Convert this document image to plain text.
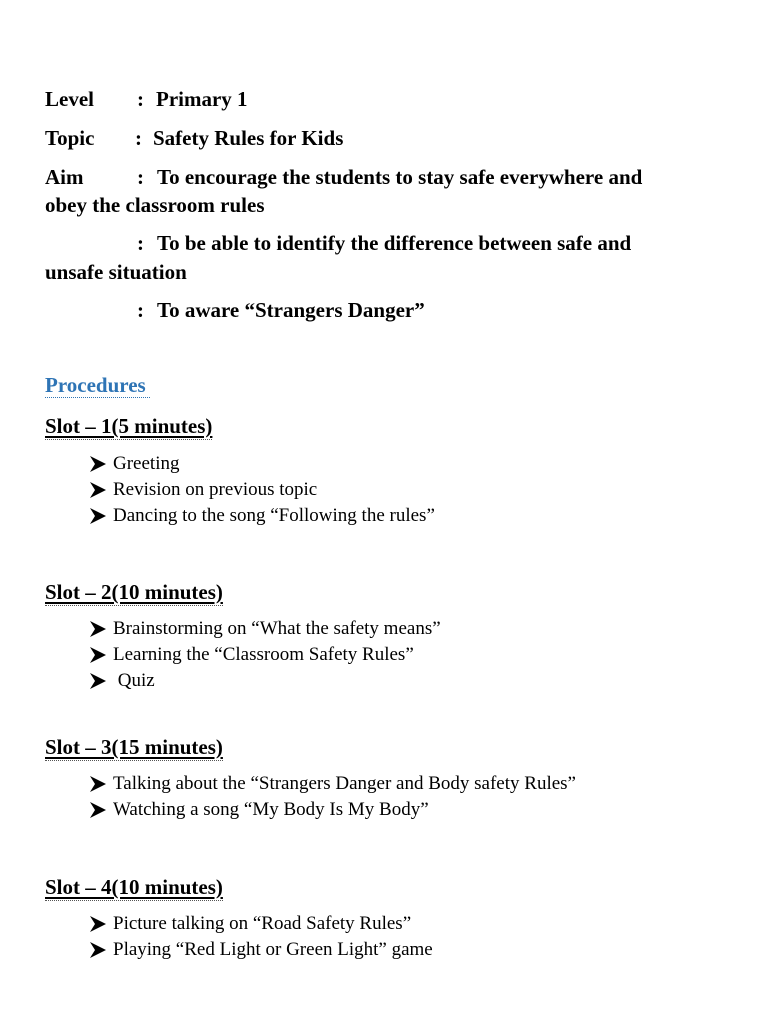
Level : Primary 1
Topic : Safety Rules for Kids
Aim	: To encourage the students to stay safe everywhere and
obey the classroom rules
: To be able to identify the difference between safe and
unsafe situation
: To aware “Strangers Danger”
Procedures
Slot – 1(5 minutes)
Greeting
Revision on previous topic
Dancing to the song “Following the rules”
Slot – 2(10 minutes)
Brainstorming on “What the safety means”
Learning the “Classroom Safety Rules”
Quiz
Slot – 3(15 minutes)
Talking about the “Strangers Danger and Body safety Rules”
Watching a song “My Body Is My Body”
Slot – 4(10 minutes)
Picture talking on “Road Safety Rules”
Playing “Red Light or Green Light” game
